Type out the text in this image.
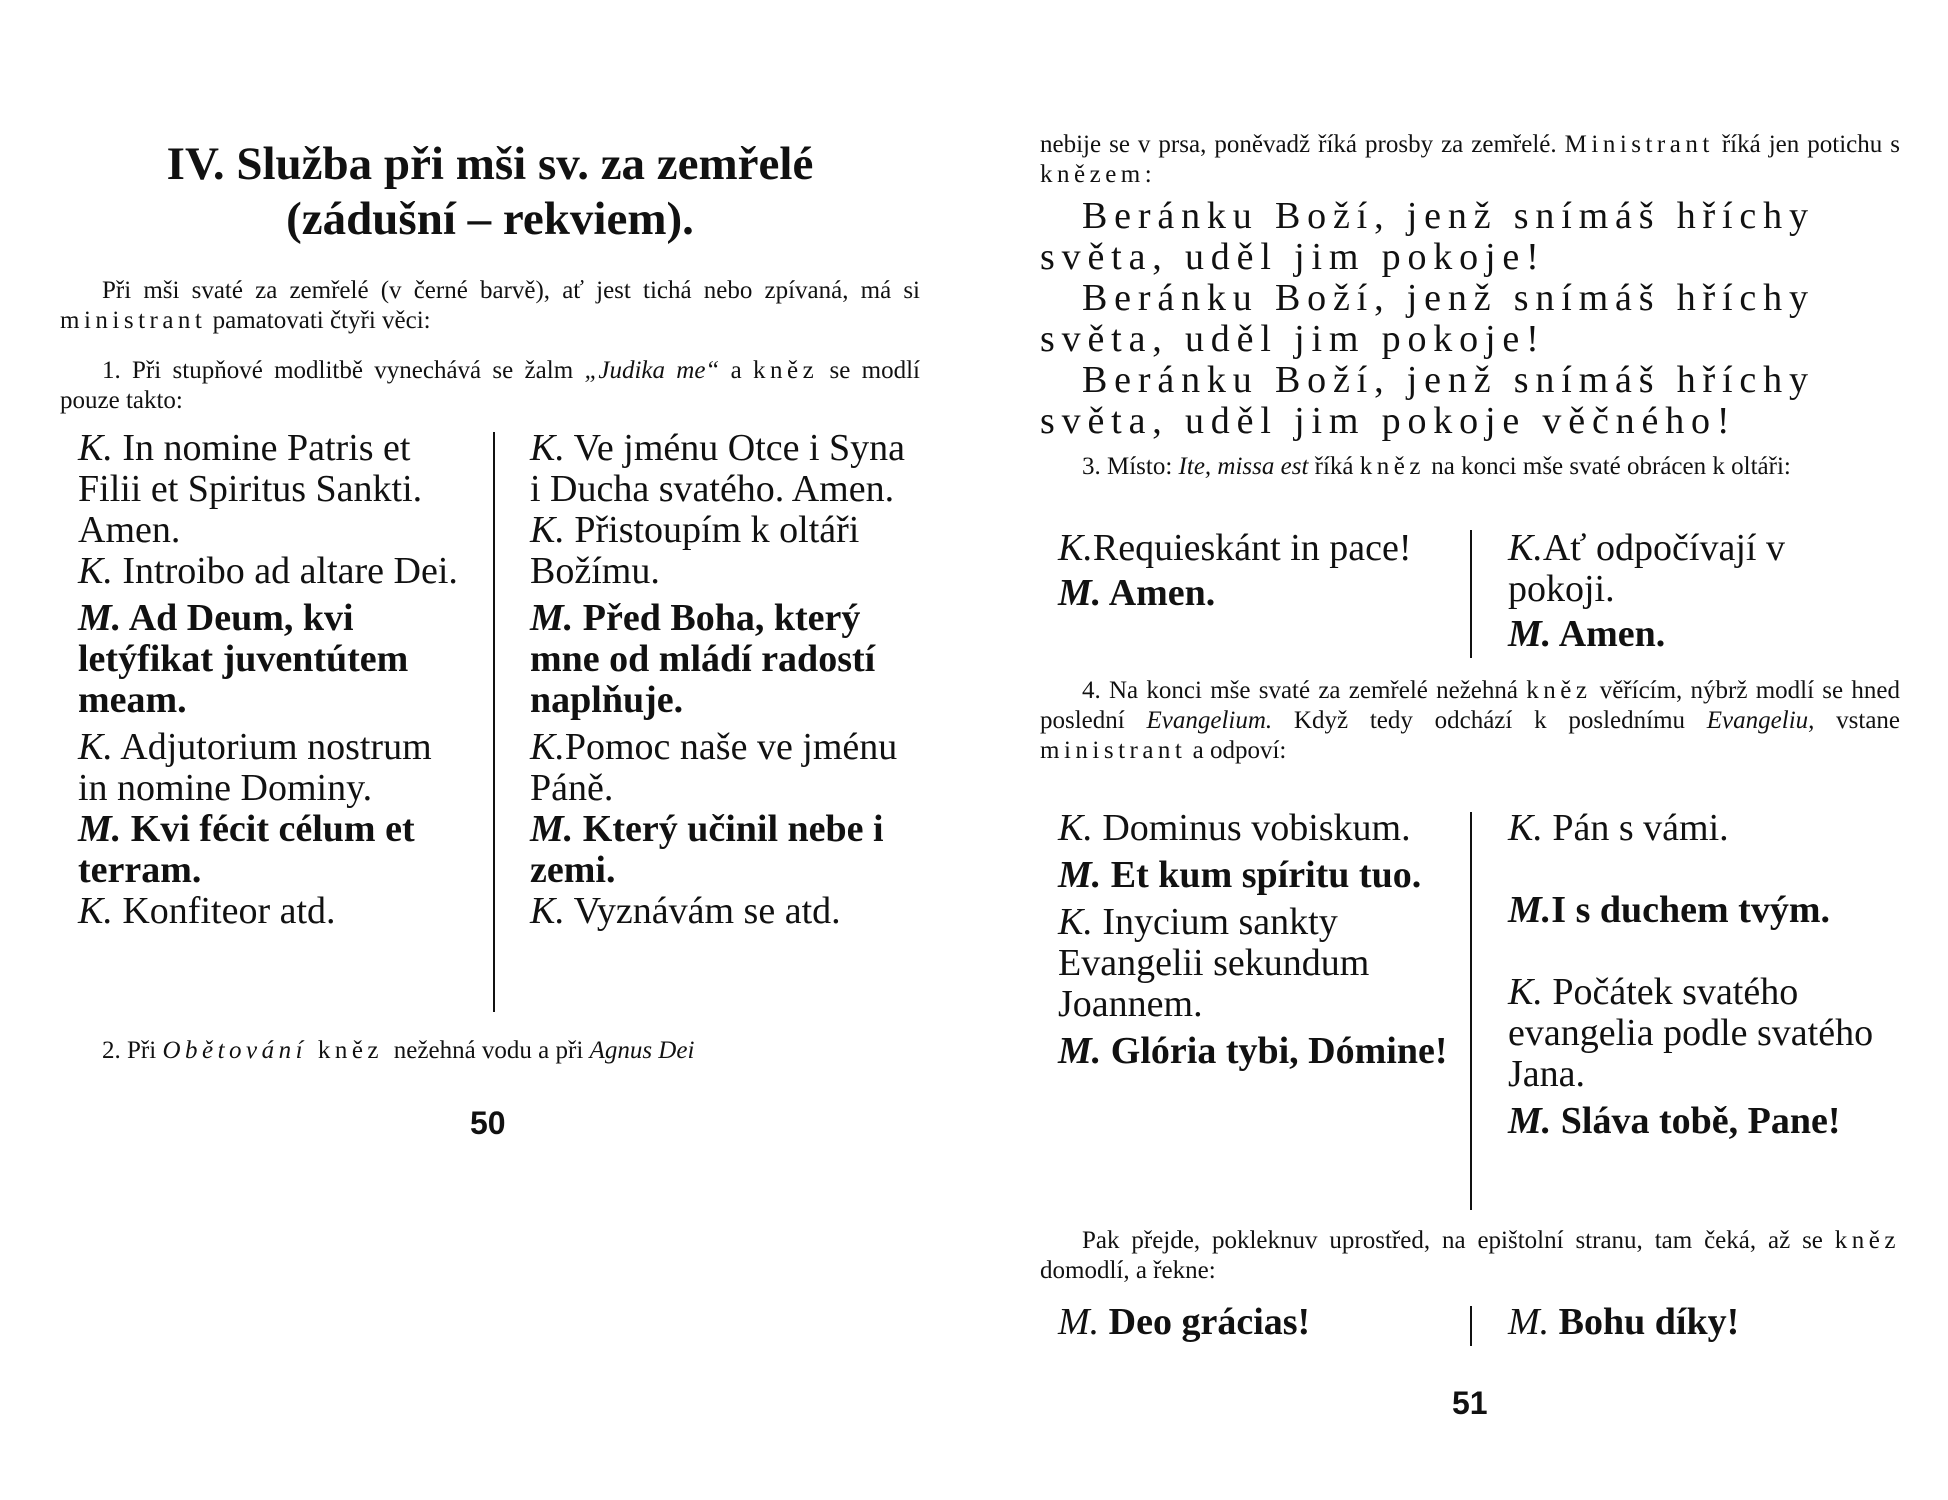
IV. Služba při mši sv. za zemřelé
(zádušní – rekviem).
Při mši svaté za zemřelé (v černé barvě), ať jest tichá nebo zpívaná, má si ministrant pamatovati čtyři věci:
1. Při stupňové modlitbě vynechává se žalm „Judika me“ a kněz se modlí pouze takto:

K. In nomine Patris et Filii et Spiritus Sankti. Amen.

K. Introibo ad altare Dei.

M. Ad Deum, kvi letýfikat juventútem meam.

K. Adjutorium nostrum in nomine Dominy.

M. Kvi fécit célum et terram.

K. Konfiteor atd.

K. Ve jménu Otce i Syna i Ducha svatého. Amen.

K. Přistoupím k oltáři Božímu.

M. Před Boha, který mne od mládí radostí naplňuje.

K.Pomoc naše ve jménu Páně.

M. Který učinil nebe i zemi.

K. Vyznávám se atd.

2. Při Obětování kněz nežehná vodu a při Agnus Dei
50
nebije se v prsa, poněvadž říká prosby za zemřelé. Ministrant říká jen potichu s knězem:

Beránku Boží, jenž snímáš hříchy světa, uděl jim pokoje!

Beránku Boží, jenž snímáš hříchy světa, uděl jim pokoje!

Beránku Boží, jenž snímáš hříchy světa, uděl jim pokoje věčného!

3. Místo: Ite, missa est říká kněz na konci mše svaté obrácen k oltáři:

K.Requieskánt in pace!

M. Amen.

K.Ať odpočívají v pokoji.

M. Amen.

4. Na konci mše svaté za zemřelé nežehná kněz věřícím, nýbrž modlí se hned poslední Evangelium. Když tedy odchází k poslednímu Evangeliu, vstane ministrant a odpoví:

K. Dominus vobiskum.

M. Et kum spíritu tuo.

K. Inycium sankty Evangelii sekundum Joannem.

M. Glória tybi, Dómine!

K. Pán s vámi.

M.I s duchem tvým.

K. Počátek svatého evangelia podle svatého Jana.

M. Sláva tobě, Pane!

Pak přejde, pokleknuv uprostřed, na epištolní stranu, tam čeká, až se kněz domodlí, a řekne:

M. Deo grácias!	M. Bohu díky!

51
